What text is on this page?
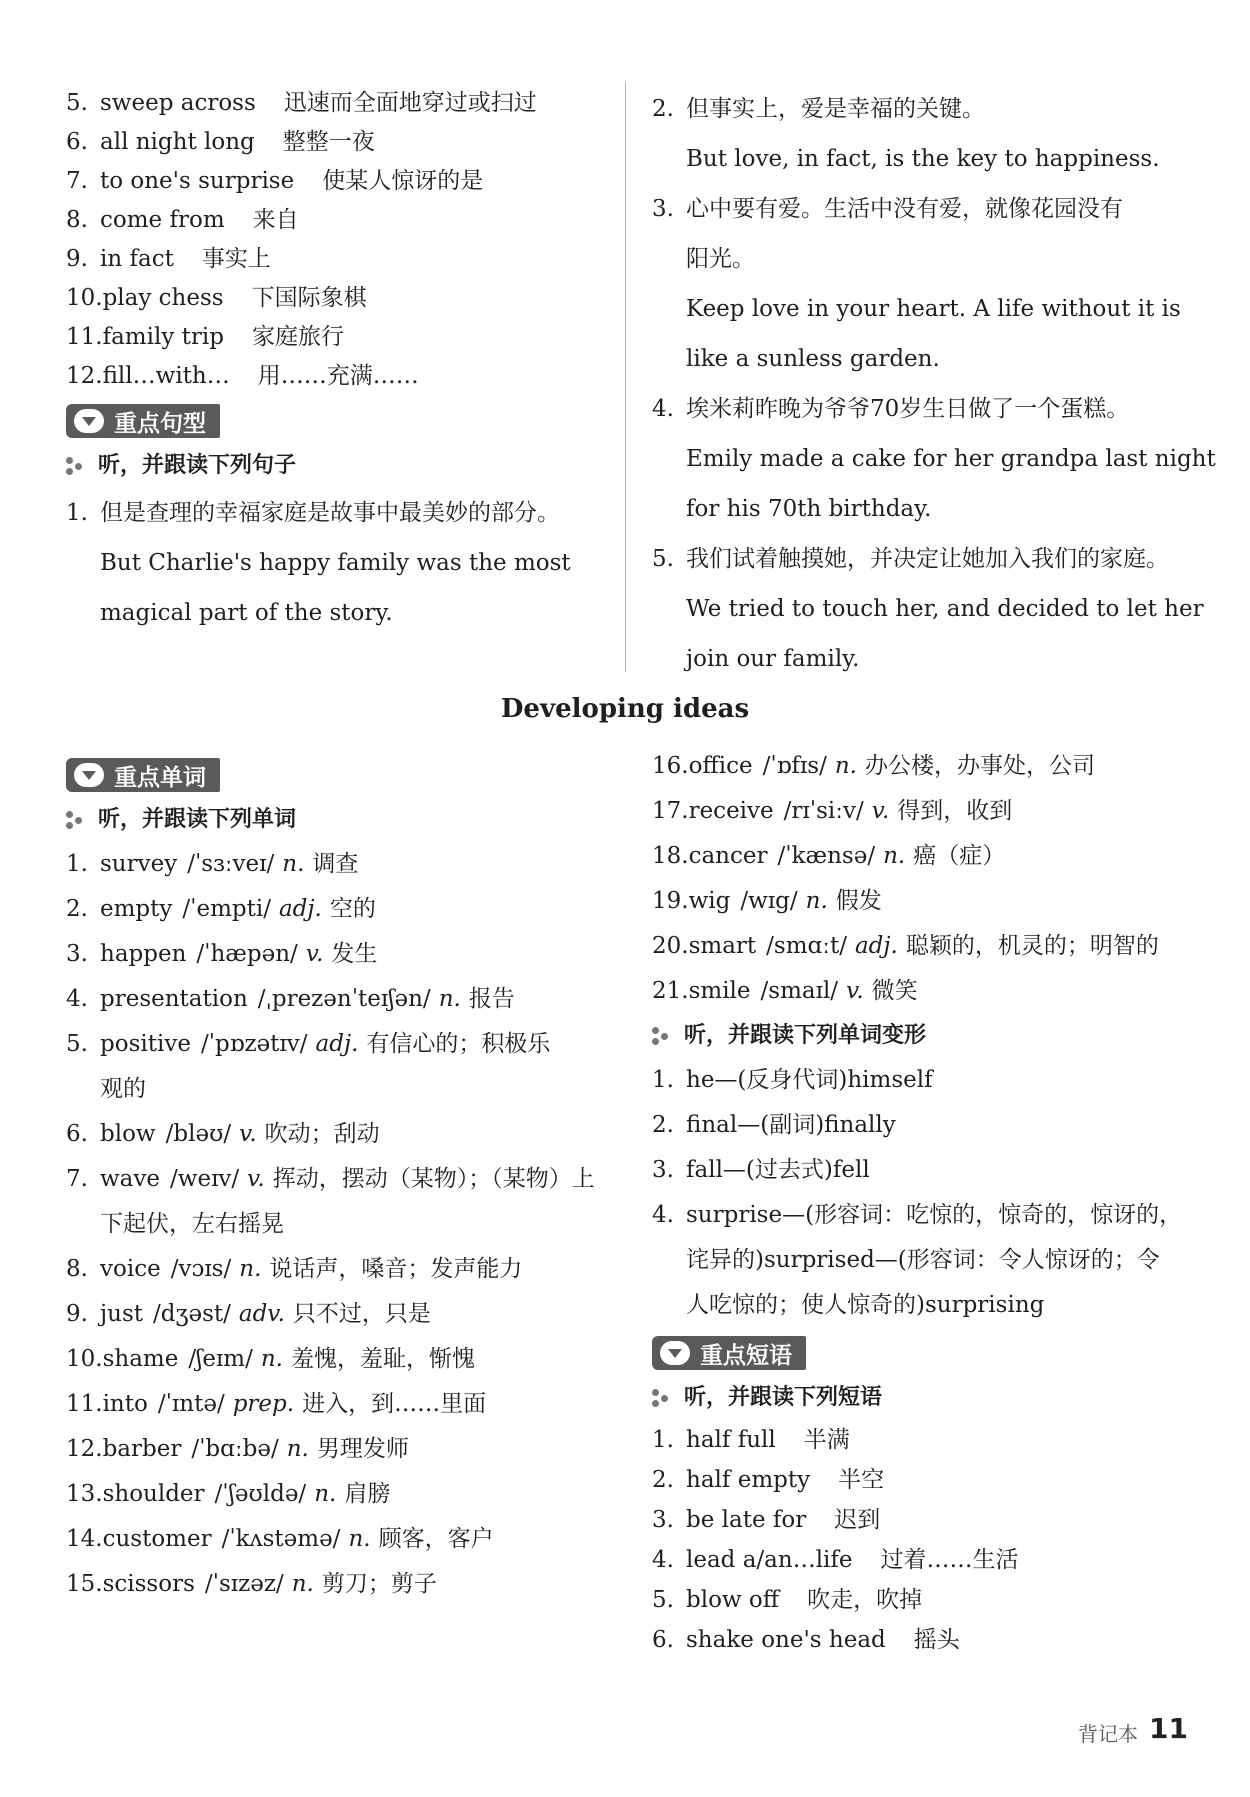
5. sweep across 迅速而全面地穿过或扫过
6. all night long 整整一夜
7. to one's surprise 使某人惊讶的是
8. come from 来自
9. in fact 事实上
10.play chess 下国际象棋
11.family trip 家庭旅行
12.fill…with… 用……充满……
重点句型
听，并跟读下列句子
1. 但是查理的幸福家庭是故事中最美妙的部分。
But Charlie's happy family was the most
magical part of the story.
2. 但事实上，爱是幸福的关键。
But love, in fact, is the key to happiness.
3. 心中要有爱。生活中没有爱，就像花园没有
阳光。
Keep love in your heart. A life without it is
like a sunless garden.
4. 埃米莉昨晚为爷爷70岁生日做了一个蛋糕。
Emily made a cake for her grandpa last night
for his 70th birthday.
5. 我们试着触摸她，并决定让她加入我们的家庭。
We tried to touch her, and decided to let her
join our family.
Developing ideas
重点单词
听，并跟读下列单词
1. survey /ˈsɜːveɪ/ n. 调查
2. empty /ˈempti/ adj. 空的
3. happen /ˈhæpən/ v. 发生
4. presentation /ˌprezənˈteɪʃən/ n. 报告
5. positive /ˈpɒzətɪv/ adj. 有信心的；积极乐
观的
6. blow /bləʊ/ v. 吹动；刮动
7. wave /weɪv/ v. 挥动，摆动（某物）；（某物）上
下起伏，左右摇晃
8. voice /vɔɪs/ n. 说话声，嗓音；发声能力
9. just /dʒəst/ adv. 只不过，只是
10.shame /ʃeɪm/ n. 羞愧，羞耻，惭愧
11.into /ˈɪntə/ prep. 进入，到……里面
12.barber /ˈbɑːbə/ n. 男理发师
13.shoulder /ˈʃəʊldə/ n. 肩膀
14.customer /ˈkʌstəmə/ n. 顾客，客户
15.scissors /ˈsɪzəz/ n. 剪刀；剪子
16.office /ˈɒfɪs/ n. 办公楼，办事处，公司
17.receive /rɪˈsiːv/ v. 得到，收到
18.cancer /ˈkænsə/ n. 癌（症）
19.wig /wɪg/ n. 假发
20.smart /smɑːt/ adj. 聪颖的，机灵的；明智的
21.smile /smaɪl/ v. 微笑
听，并跟读下列单词变形
1. he—(反身代词)himself
2. final—(副词)finally
3. fall—(过去式)fell
4. surprise—(形容词：吃惊的，惊奇的，惊讶的，
诧异的)surprised—(形容词：令人惊讶的；令
人吃惊的；使人惊奇的)surprising
重点短语
听，并跟读下列短语
1. half full 半满
2. half empty 半空
3. be late for 迟到
4. lead a/an…life 过着……生活
5. blow off 吹走，吹掉
6. shake one's head 摇头
背记本 11
